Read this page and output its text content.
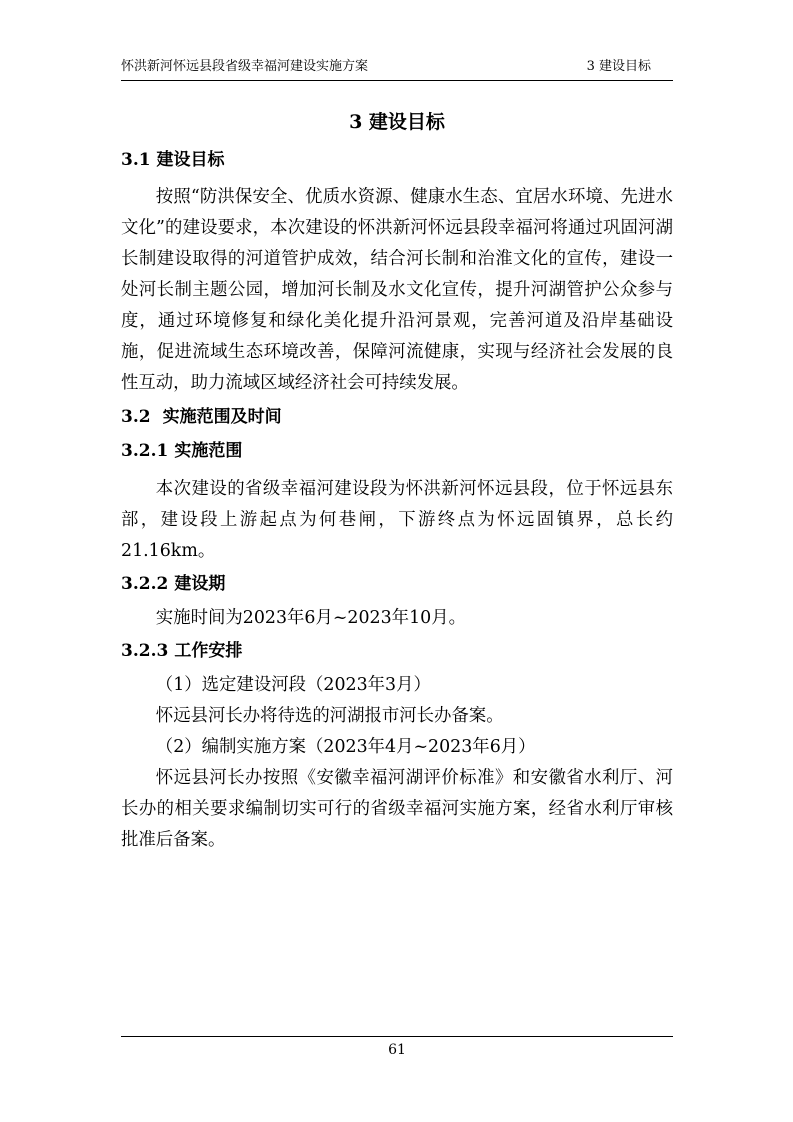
怀洪新河怀远县段省级幸福河建设实施方案	3 建设目标
3 建设目标
3.1 建设目标

按照“防洪保安全、优质水资源、健康水生态、宜居水环境、先进水文化”的建设要求，本次建设的怀洪新河怀远县段幸福河将通过巩固河湖长制建设取得的河道管护成效，结合河长制和治淮文化的宣传，建设一处河长制主题公园，增加河长制及水文化宣传，提升河湖管护公众参与度，通过环境修复和绿化美化提升沿河景观，完善河道及沿岸基础设施，促进流域生态环境改善，保障河流健康，实现与经济社会发展的良性互动，助力流域区域经济社会可持续发展。

3.2 实施范围及时间
3.2.1 实施范围

本次建设的省级幸福河建设段为怀洪新河怀远县段，位于怀远县东部，建设段上游起点为何巷闸，下游终点为怀远固镇界，总长约21.16km。

3.2.2 建设期

实施时间为2023年6月~2023年10月。

3.2.3 工作安排

（1）选定建设河段（2023年3月）

怀远县河长办将待选的河湖报市河长办备案。

（2）编制实施方案（2023年4月~2023年6月）

怀远县河长办按照《安徽幸福河湖评价标准》和安徽省水利厅、河长办的相关要求编制切实可行的省级幸福河实施方案，经省水利厅审核批准后备案。

61
